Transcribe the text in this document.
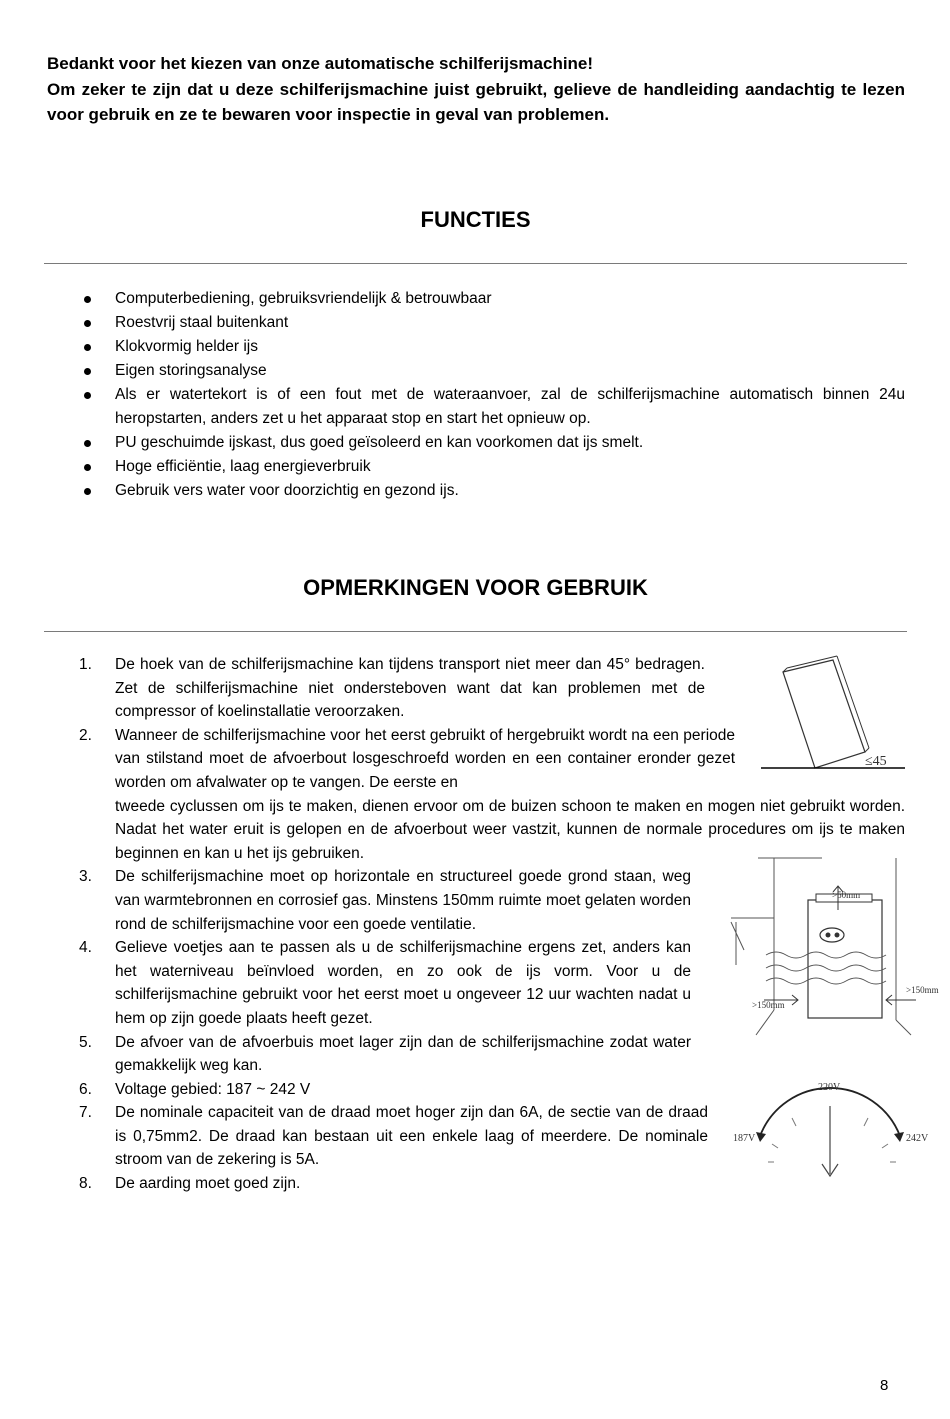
Bedankt voor het kiezen van onze automatische schilferijsmachine!

Om zeker te zijn dat u deze schilferijsmachine juist gebruikt, gelieve de handleiding aandachtig te lezen voor gebruik en ze te bewaren voor inspectie in geval van problemen.

FUNCTIES
Computerbediening, gebruiksvriendelijk & betrouwbaar
Roestvrij staal buitenkant
Klokvormig helder ijs
Eigen storingsanalyse
Als er watertekort is of een fout met de wateraanvoer, zal de schilferijsmachine automatisch binnen 24u heropstarten, anders zet u het apparaat stop en start het opnieuw op.
PU geschuimde ijskast, dus goed geïsoleerd en kan voorkomen dat ijs smelt.
Hoge efficiëntie, laag energieverbruik
Gebruik vers water voor doorzichtig en gezond ijs.
OPMERKINGEN VOOR GEBRUIK
1. De hoek van de schilferijsmachine kan tijdens transport niet meer dan 45° bedragen. Zet de schilferijsmachine niet ondersteboven want dat kan problemen met de compressor of koelinstallatie veroorzaken.
2. Wanneer de schilferijsmachine voor het eerst gebruikt of hergebruikt wordt na een periode van stilstand moet de afvoerbout losgeschroefd worden en een container eronder gezet worden om afvalwater op te vangen. De eerste en
tweede cyclussen om ijs te maken, dienen ervoor om de buizen schoon te maken en mogen niet gebruikt worden. Nadat het water eruit is gelopen en de afvoerbout weer vastzit, kunnen de normale procedures om ijs te maken beginnen en kan u het ijs gebruiken.
3. De schilferijsmachine moet op horizontale en structureel goede grond staan, weg van warmtebronnen en corrosief gas. Minstens 150mm ruimte moet gelaten worden rond de schilferijsmachine voor een goede ventilatie.
4. Gelieve voetjes aan te passen als u de schilferijsmachine ergens zet, anders kan het waterniveau beïnvloed worden, en zo ook de ijs vorm. Voor u de schilferijsmachine gebruikt voor het eerst moet u ongeveer 12 uur wachten nadat u hem op zijn goede plaats heeft gezet.
5. De afvoer van de afvoerbuis moet lager zijn dan de schilferijsmachine zodat water gemakkelijk weg kan.
6. Voltage gebied: 187 ~ 242 V
7. De nominale capaciteit van de draad moet hoger zijn dan 6A, de sectie van de draad is 0,75mm2. De draad kan bestaan uit een enkele laag of meerdere. De nominale stroom van de zekering is 5A.
8. De aarding moet goed zijn.
≤45
>50mm
>150mm
>150mm
220V
187V	242V
8
